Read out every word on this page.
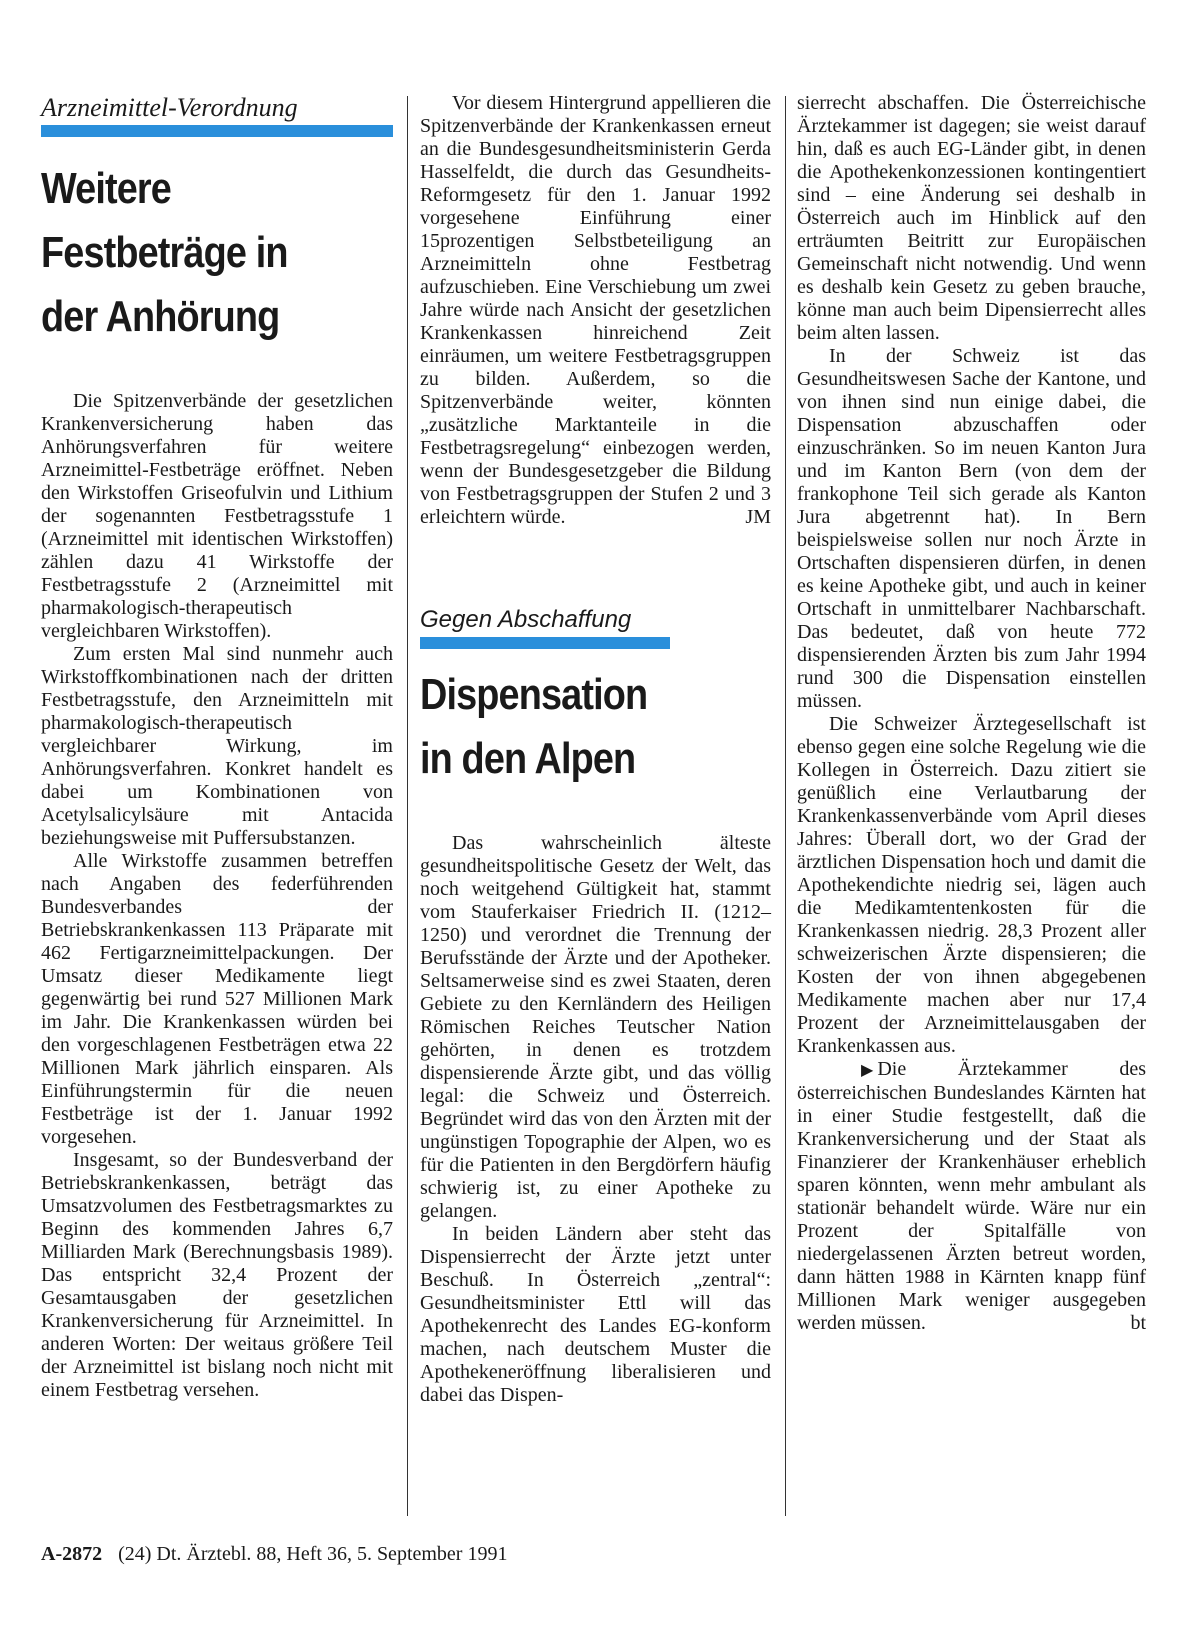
Arzneimittel-Verordnung

Weitere

Festbeträge in

der Anhörung

Die Spitzenverbände der gesetzlichen Krankenversicherung haben das Anhörungsverfahren für weitere Arzneimittel-Festbeträge eröffnet. Neben den Wirkstoffen Griseofulvin und Lithium der sogenannten Festbetragsstufe 1 (Arzneimittel mit identischen Wirkstoffen) zählen dazu 41 Wirkstoffe der Festbetragsstufe 2 (Arzneimittel mit pharmakologisch-therapeutisch vergleichbaren Wirkstoffen).

Zum ersten Mal sind nunmehr auch Wirkstoffkombinationen nach der dritten Festbetragsstufe, den Arzneimitteln mit pharmakologisch-therapeutisch vergleichbarer Wirkung, im Anhörungsverfahren. Konkret handelt es dabei um Kombinationen von Acetylsalicylsäure mit Antacida beziehungsweise mit Puffersubstanzen.

Alle Wirkstoffe zusammen betreffen nach Angaben des federführenden Bundesverbandes der Betriebskrankenkassen 113 Präparate mit 462 Fertigarzneimittelpackungen. Der Umsatz dieser Medikamente liegt gegenwärtig bei rund 527 Millionen Mark im Jahr. Die Krankenkassen würden bei den vorgeschlagenen Festbeträgen etwa 22 Millionen Mark jährlich einsparen. Als Einführungstermin für die neuen Festbeträge ist der 1. Januar 1992 vorgesehen.

Insgesamt, so der Bundesverband der Betriebskrankenkassen, beträgt das Umsatzvolumen des Festbetragsmarktes zu Beginn des kommenden Jahres 6,7 Milliarden Mark (Berechnungsbasis 1989). Das entspricht 32,4 Prozent der Gesamtausgaben der gesetzlichen Krankenversicherung für Arzneimittel. In anderen Worten: Der weitaus größere Teil der Arzneimittel ist bislang noch nicht mit einem Festbetrag versehen.

Vor diesem Hintergrund appellieren die Spitzenverbände der Krankenkassen erneut an die Bundesgesundheitsministerin Gerda Hasselfeldt, die durch das Gesundheits-Reformgesetz für den 1. Januar 1992 vorgesehene Einführung einer 15prozentigen Selbstbeteiligung an Arzneimitteln ohne Festbetrag aufzuschieben. Eine Verschiebung um zwei Jahre würde nach Ansicht der gesetzlichen Krankenkassen hinreichend Zeit einräumen, um weitere Festbetragsgruppen zu bilden. Außerdem, so die Spitzenverbände weiter, könnten „zusätzliche Marktanteile in die Festbetragsregelung“ einbezogen werden, wenn der Bundesgesetzgeber die Bildung von Festbetragsgruppen der Stufen 2 und 3 erleichtern würde.	JM

Gegen Abschaffung

Dispensation

in den Alpen

Das wahrscheinlich älteste gesundheitspolitische Gesetz der Welt, das noch weitgehend Gültigkeit hat, stammt vom Stauferkaiser Friedrich II. (1212–1250) und verordnet die Trennung der Berufsstände der Ärzte und der Apotheker. Seltsamerweise sind es zwei Staaten, deren Gebiete zu den Kernländern des Heiligen Römischen Reiches Teutscher Nation gehörten, in denen es trotzdem dispensierende Ärzte gibt, und das völlig legal: die Schweiz und Österreich. Begründet wird das von den Ärzten mit der ungünstigen Topographie der Alpen, wo es für die Patienten in den Bergdörfern häufig schwierig ist, zu einer Apotheke zu gelangen.

In beiden Ländern aber steht das Dispensierrecht der Ärzte jetzt unter Beschuß. In Österreich „zentral“: Gesundheitsminister Ettl will das Apothekenrecht des Landes EG-konform machen, nach deutschem Muster die Apothekeneröffnung liberalisieren und dabei das Dispen-

sierrecht abschaffen. Die Österreichische Ärztekammer ist dagegen; sie weist darauf hin, daß es auch EG-Länder gibt, in denen die Apothekenkonzessionen kontingentiert sind – eine Änderung sei deshalb in Österreich auch im Hinblick auf den erträumten Beitritt zur Europäischen Gemeinschaft nicht notwendig. Und wenn es deshalb kein Gesetz zu geben brauche, könne man auch beim Dipensierrecht alles beim alten lassen.

In der Schweiz ist das Gesundheitswesen Sache der Kantone, und von ihnen sind nun einige dabei, die Dispensation abzuschaffen oder einzuschränken. So im neuen Kanton Jura und im Kanton Bern (von dem der frankophone Teil sich gerade als Kanton Jura abgetrennt hat). In Bern beispielsweise sollen nur noch Ärzte in Ortschaften dispensieren dürfen, in denen es keine Apotheke gibt, und auch in keiner Ortschaft in unmittelbarer Nachbarschaft. Das bedeutet, daß von heute 772 dispensierenden Ärzten bis zum Jahr 1994 rund 300 die Dispensation einstellen müssen.

Die Schweizer Ärztegesellschaft ist ebenso gegen eine solche Regelung wie die Kollegen in Österreich. Dazu zitiert sie genüßlich eine Verlautbarung der Krankenkassenverbände vom April dieses Jahres: Überall dort, wo der Grad der ärztlichen Dispensation hoch und damit die Apothekendichte niedrig sei, lägen auch die Medikamtentenkosten für die Krankenkassen niedrig. 28,3 Prozent aller schweizerischen Ärzte dispensieren; die Kosten der von ihnen abgegebenen Medikamente machen aber nur 17,4 Prozent der Arzneimittelausgaben der Krankenkassen aus.

▶ Die Ärztekammer des österreichischen Bundeslandes Kärnten hat in einer Studie festgestellt, daß die Krankenversicherung und der Staat als Finanzierer der Krankenhäuser erheblich sparen könnten, wenn mehr ambulant als stationär behandelt würde. Wäre nur ein Prozent der Spitalfälle von niedergelassenen Ärzten betreut worden, dann hätten 1988 in Kärnten knapp fünf Millionen Mark weniger ausgegeben werden müssen.	bt

A-2872 (24) Dt. Ärztebl. 88, Heft 36, 5. September 1991
